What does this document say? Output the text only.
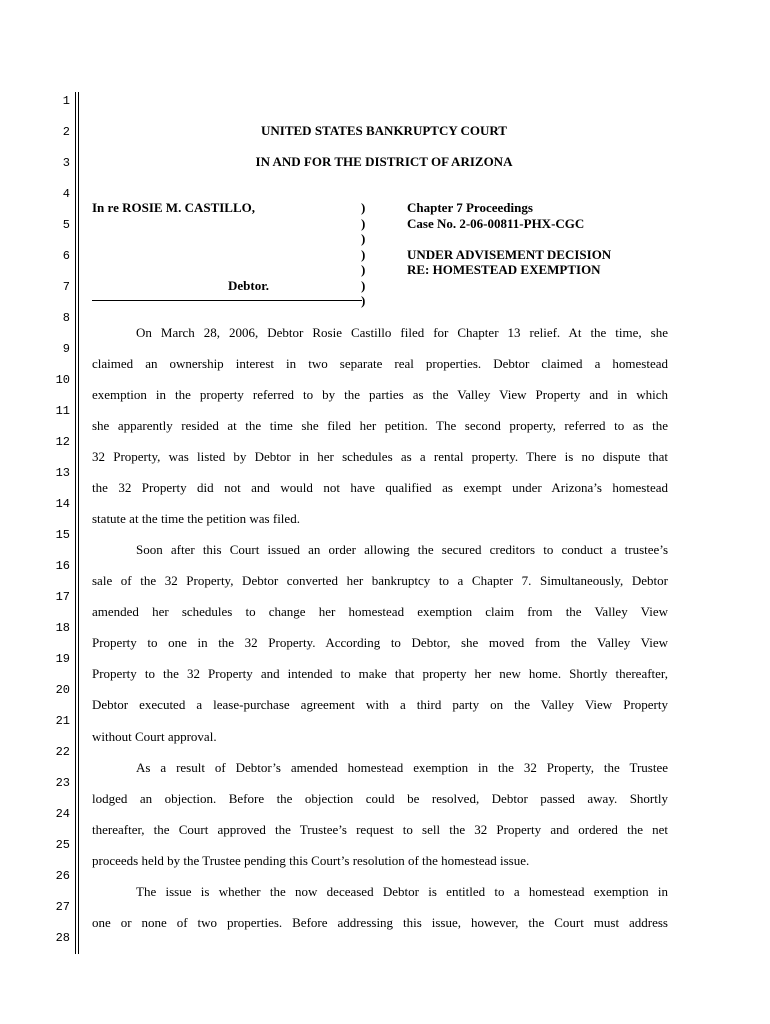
1
2
3
4
5
6
7
8
9
10
11
12
13
14
15
16
17
18
19
20
21
22
23
24
25
26
27
28
UNITED STATES BANKRUPTCY COURT
IN AND FOR THE DISTRICT OF ARIZONA
In re ROSIE M. CASTILLO,
Debtor.
)
)
)
)
)
)
)
Chapter 7 Proceedings
Case No. 2-06-00811-PHX-CGC
UNDER ADVISEMENT DECISION
RE: HOMESTEAD EXEMPTION
On March 28, 2006, Debtor Rosie Castillo filed for Chapter 13 relief. At the time, she
claimed an ownership interest in two separate real properties. Debtor claimed a homestead
exemption in the property referred to by the parties as the Valley View Property and in which
she apparently resided at the time she filed her petition. The second property, referred to as the
32 Property, was listed by Debtor in her schedules as a rental property. There is no dispute that
the 32 Property did not and would not have qualified as exempt under Arizona’s homestead
statute at the time the petition was filed.
Soon after this Court issued an order allowing the secured creditors to conduct a trustee’s
sale of the 32 Property, Debtor converted her bankruptcy to a Chapter 7. Simultaneously, Debtor
amended her schedules to change her homestead exemption claim from the Valley View
Property to one in the 32 Property. According to Debtor, she moved from the Valley View
Property to the 32 Property and intended to make that property her new home. Shortly thereafter,
Debtor executed a lease-purchase agreement with a third party on the Valley View Property
without Court approval.
As a result of Debtor’s amended homestead exemption in the 32 Property, the Trustee
lodged an objection. Before the objection could be resolved, Debtor passed away. Shortly
thereafter, the Court approved the Trustee’s request to sell the 32 Property and ordered the net
proceeds held by the Trustee pending this Court’s resolution of the homestead issue.
The issue is whether the now deceased Debtor is entitled to a homestead exemption in
one or none of two properties. Before addressing this issue, however, the Court must address
